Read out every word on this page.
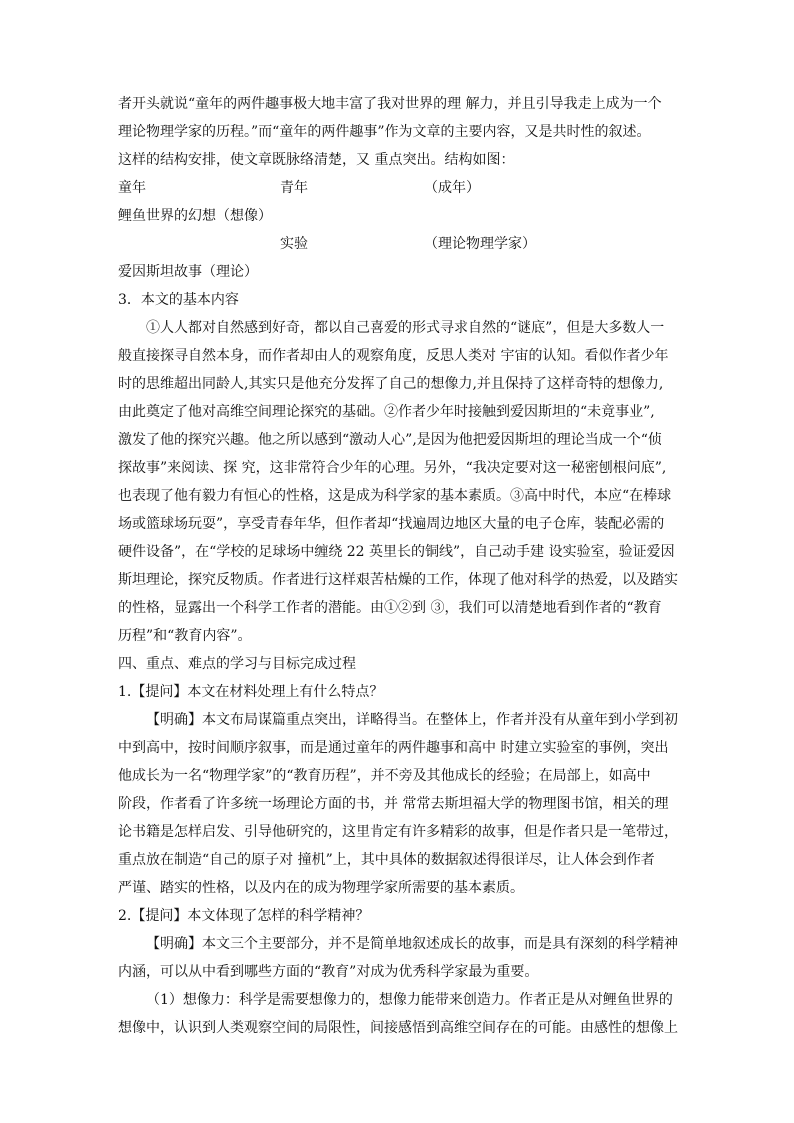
者开头就说“童年的两件趣事极大地丰富了我对世界的理 解力，并且引导我走上成为一个
理论物理学家的历程。”而“童年的两件趣事”作为文章的主要内容，又是共时性的叙述。
这样的结构安排，使文章既脉络清楚，又 重点突出。结构如图：
童年	青年	（成年）
鲤鱼世界的幻想（想像）
实验	（理论物理学家）
爱因斯坦故事（理论）
3．本文的基本内容
①人人都对自然感到好奇，都以自己喜爱的形式寻求自然的“谜底”，但是大多数人一
般直接探寻自然本身，而作者却由人的观察角度，反思人类对 宇宙的认知。看似作者少年
时的思维超出同龄人,其实只是他充分发挥了自己的想像力,并且保持了这样奇特的想像力,
由此奠定了他对高维空间理论探究的基础。②作者少年时接触到爱因斯坦的“未竟事业”,
激发了他的探究兴趣。他之所以感到“激动人心”,是因为他把爱因斯坦的理论当成一个“侦
探故事”来阅读、探 究，这非常符合少年的心理。另外，“我决定要对这一秘密刨根问底”,
也表现了他有毅力有恒心的性格，这是成为科学家的基本素质。③高中时代，本应“在棒球
场或篮球场玩耍”，享受青春年华，但作者却“找遍周边地区大量的电子仓库，装配必需的
硬件设备”，在“学校的足球场中缠绕 22 英里长的铜线”，自己动手建 设实验室，验证爱因
斯坦理论，探究反物质。作者进行这样艰苦枯燥的工作，体现了他对科学的热爱，以及踏实
的性格，显露出一个科学工作者的潜能。由①②到 ③，我们可以清楚地看到作者的“教育
历程”和“教育内容”。
四、重点、难点的学习与目标完成过程
1.【提问】本文在材料处理上有什么特点？
【明确】本文布局谋篇重点突出，详略得当。在整体上，作者并没有从童年到小学到初
中到高中，按时间顺序叙事，而是通过童年的两件趣事和高中 时建立实验室的事例，突出
他成长为一名“物理学家”的“教育历程”，并不旁及其他成长的经验；在局部上，如高中
阶段，作者看了许多统一场理论方面的书，并 常常去斯坦福大学的物理图书馆，相关的理
论书籍是怎样启发、引导他研究的，这里肯定有许多精彩的故事，但是作者只是一笔带过，
重点放在制造“自己的原子对 撞机”上，其中具体的数据叙述得很详尽，让人体会到作者
严谨、踏实的性格，以及内在的成为物理学家所需要的基本素质。
2.【提问】本文体现了怎样的科学精神？
【明确】本文三个主要部分，并不是简单地叙述成长的故事，而是具有深刻的科学精神
内涵，可以从中看到哪些方面的“教育”对成为优秀科学家最为重要。
（1）想像力：科学是需要想像力的，想像力能带来创造力。作者正是从对鲤鱼世界的
想像中，认识到人类观察空间的局限性，间接感悟到高维空间存在的可能。由感性的想像上
